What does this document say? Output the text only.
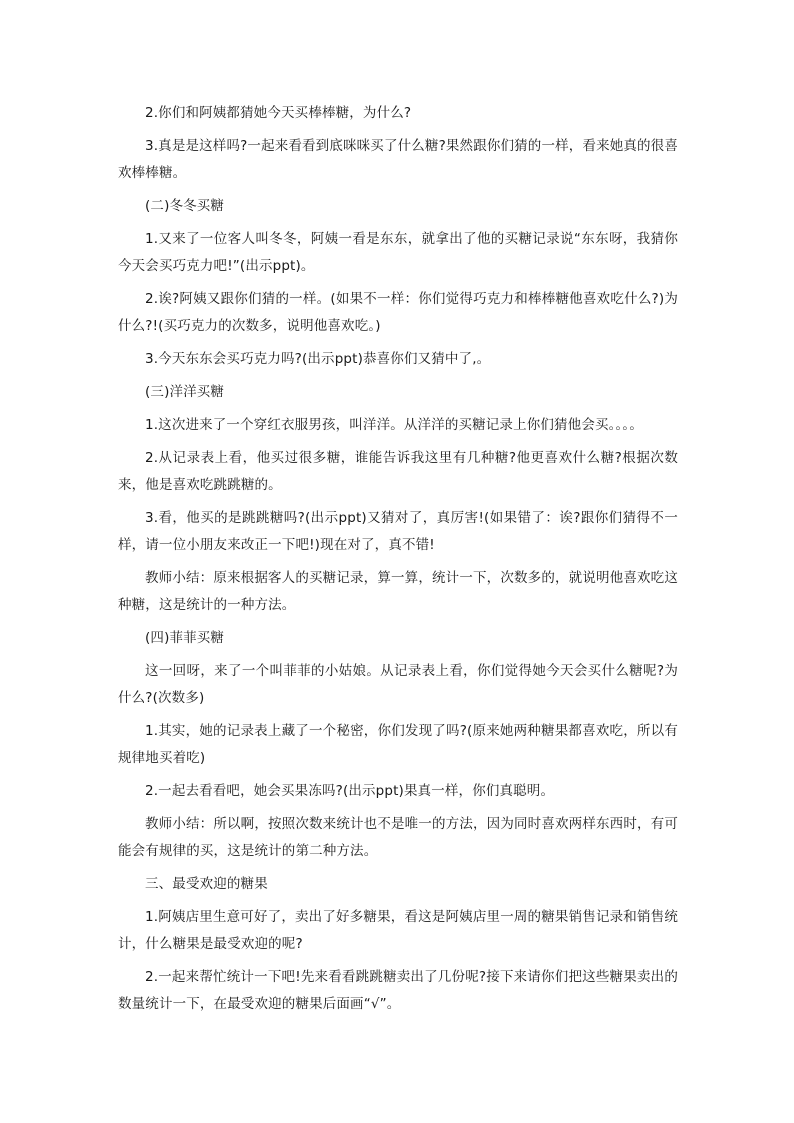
2.你们和阿姨都猜她今天买棒棒糖，为什么?

3.真是是这样吗?一起来看看到底咪咪买了什么糖?果然跟你们猜的一样，看来她真的很喜欢棒棒糖。

(二)冬冬买糖

1.又来了一位客人叫冬冬，阿姨一看是东东，就拿出了他的买糖记录说“东东呀，我猜你今天会买巧克力吧!”(出示ppt)。

2.诶?阿姨又跟你们猜的一样。(如果不一样：你们觉得巧克力和棒棒糖他喜欢吃什么?)为什么?!(买巧克力的次数多，说明他喜欢吃。)

3.今天东东会买巧克力吗?(出示ppt)恭喜你们又猜中了,。

(三)洋洋买糖

1.这次进来了一个穿红衣服男孩，叫洋洋。从洋洋的买糖记录上你们猜他会买。。。。

2.从记录表上看，他买过很多糖，谁能告诉我这里有几种糖?他更喜欢什么糖?根据次数来，他是喜欢吃跳跳糖的。

3.看，他买的是跳跳糖吗?(出示ppt)又猜对了，真厉害!(如果错了：诶?跟你们猜得不一样，请一位小朋友来改正一下吧!)现在对了，真不错!

教师小结：原来根据客人的买糖记录，算一算，统计一下，次数多的，就说明他喜欢吃这种糖，这是统计的一种方法。

(四)菲菲买糖

这一回呀，来了一个叫菲菲的小姑娘。从记录表上看，你们觉得她今天会买什么糖呢?为什么?(次数多)

1.其实，她的记录表上藏了一个秘密，你们发现了吗?(原来她两种糖果都喜欢吃，所以有规律地买着吃)

2.一起去看看吧，她会买果冻吗?(出示ppt)果真一样，你们真聪明。

教师小结：所以啊，按照次数来统计也不是唯一的方法，因为同时喜欢两样东西时，有可能会有规律的买，这是统计的第二种方法。

三、最受欢迎的糖果

1.阿姨店里生意可好了，卖出了好多糖果，看这是阿姨店里一周的糖果销售记录和销售统计，什么糖果是最受欢迎的呢?

2.一起来帮忙统计一下吧!先来看看跳跳糖卖出了几份呢?接下来请你们把这些糖果卖出的数量统计一下，在最受欢迎的糖果后面画“√”。
